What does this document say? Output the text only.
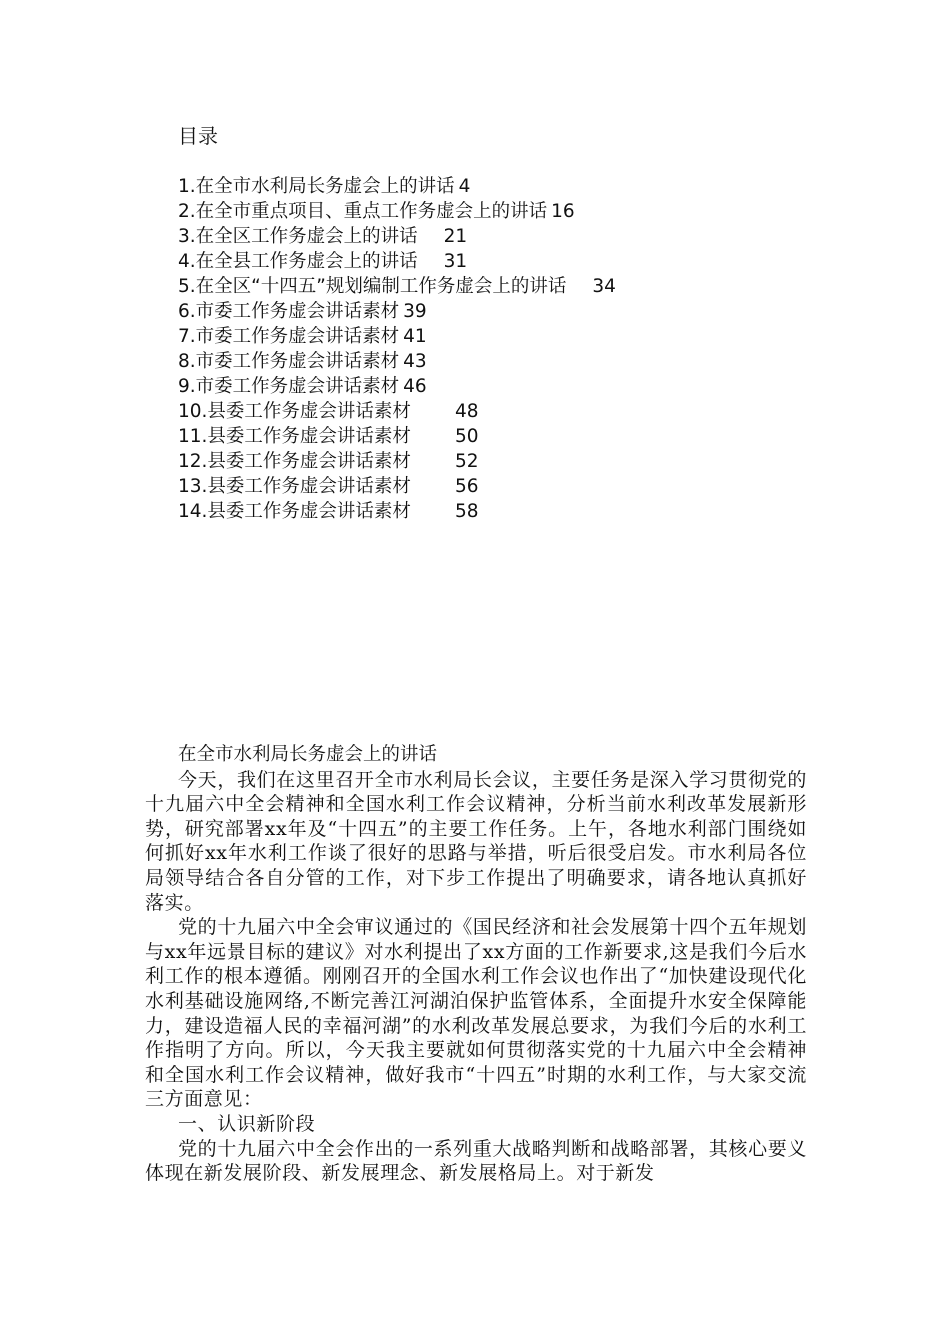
目录
1.在全市水利局长务虚会上的讲话 4
2.在全市重点项目、重点工作务虚会上的讲话 16
3.在全区工作务虚会上的讲话 21
4.在全县工作务虚会上的讲话 31
5.在全区“十四五”规划编制工作务虚会上的讲话 34
6.市委工作务虚会讲话素材 39
7.市委工作务虚会讲话素材 41
8.市委工作务虚会讲话素材 43
9.市委工作务虚会讲话素材 46
10.县委工作务虚会讲话素材 48
11.县委工作务虚会讲话素材 50
12.县委工作务虚会讲话素材 52
13.县委工作务虚会讲话素材 56
14.县委工作务虚会讲话素材 58
在全市水利局长务虚会上的讲话

今天，我们在这里召开全市水利局长会议，主要任务是深入学习贯彻党的十九届六中全会精神和全国水利工作会议精神，分析当前水利改革发展新形势，研究部署xx年及“十四五”的主要工作任务。上午，各地水利部门围绕如何抓好xx年水利工作谈了很好的思路与举措，听后很受启发。市水利局各位局领导结合各自分管的工作，对下步工作提出了明确要求，请各地认真抓好落实。

党的十九届六中全会审议通过的《国民经济和社会发展第十四个五年规划与xx年远景目标的建议》对水利提出了xx方面的工作新要求,这是我们今后水利工作的根本遵循。刚刚召开的全国水利工作会议也作出了“加快建设现代化水利基础设施网络,不断完善江河湖泊保护监管体系，全面提升水安全保障能力，建设造福人民的幸福河湖”的水利改革发展总要求，为我们今后的水利工作指明了方向。所以，今天我主要就如何贯彻落实党的十九届六中全会精神和全国水利工作会议精神，做好我市“十四五”时期的水利工作，与大家交流三方面意见：

一、认识新阶段

党的十九届六中全会作出的一系列重大战略判断和战略部署，其核心要义体现在新发展阶段、新发展理念、新发展格局上。对于新发
